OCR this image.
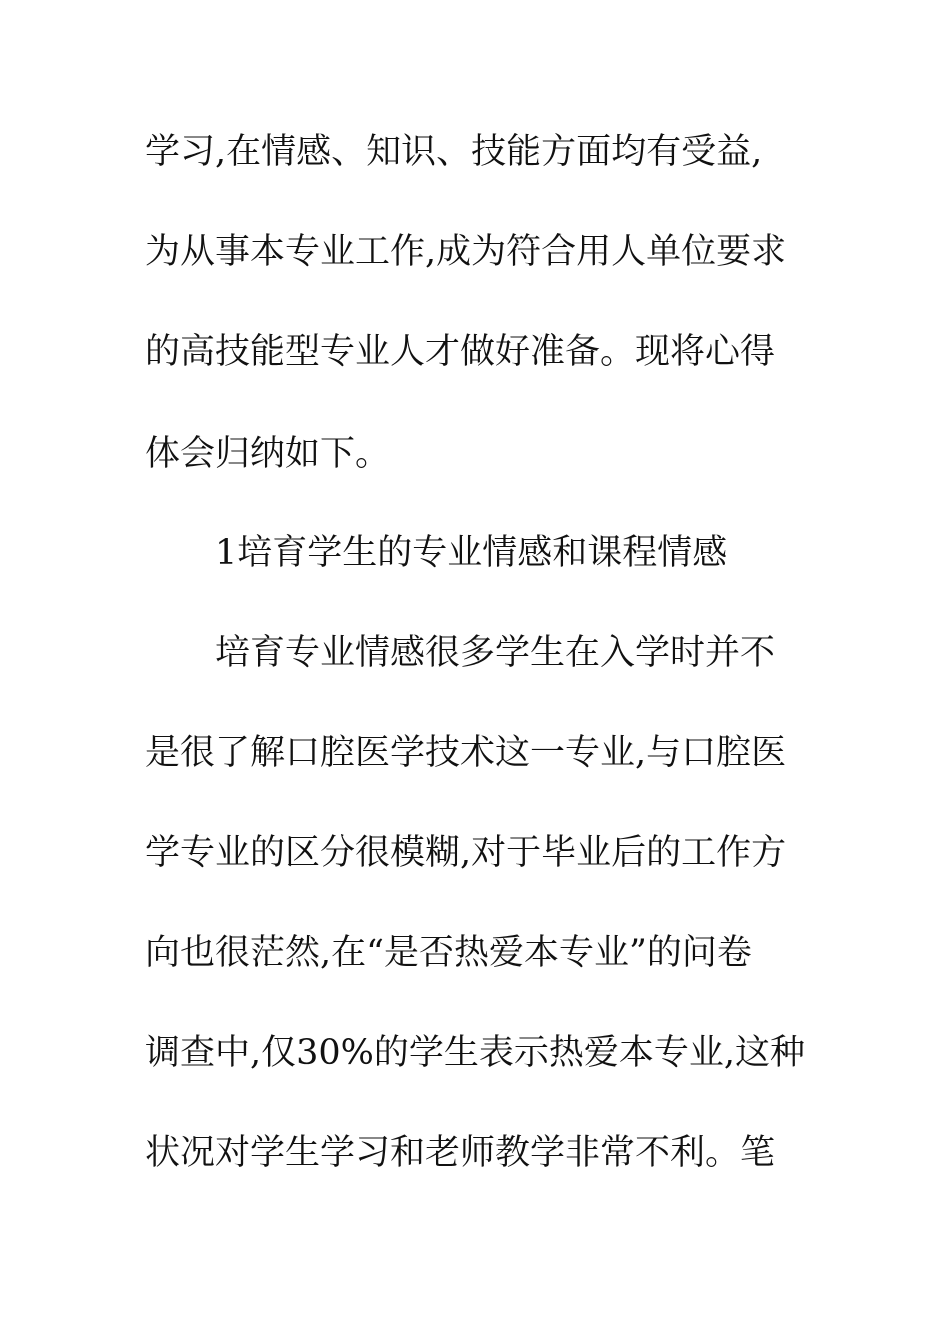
学习,在情感、知识、技能方面均有受益,
为从事本专业工作,成为符合用人单位要求
的高技能型专业人才做好准备。现将心得
体会归纳如下。
1培育学生的专业情感和课程情感
培育专业情感很多学生在入学时并不
是很了解口腔医学技术这一专业,与口腔医
学专业的区分很模糊,对于毕业后的工作方
向也很茫然,在“是否热爱本专业”的问卷
调查中,仅30%的学生表示热爱本专业,这种
状况对学生学习和老师教学非常不利。笔
